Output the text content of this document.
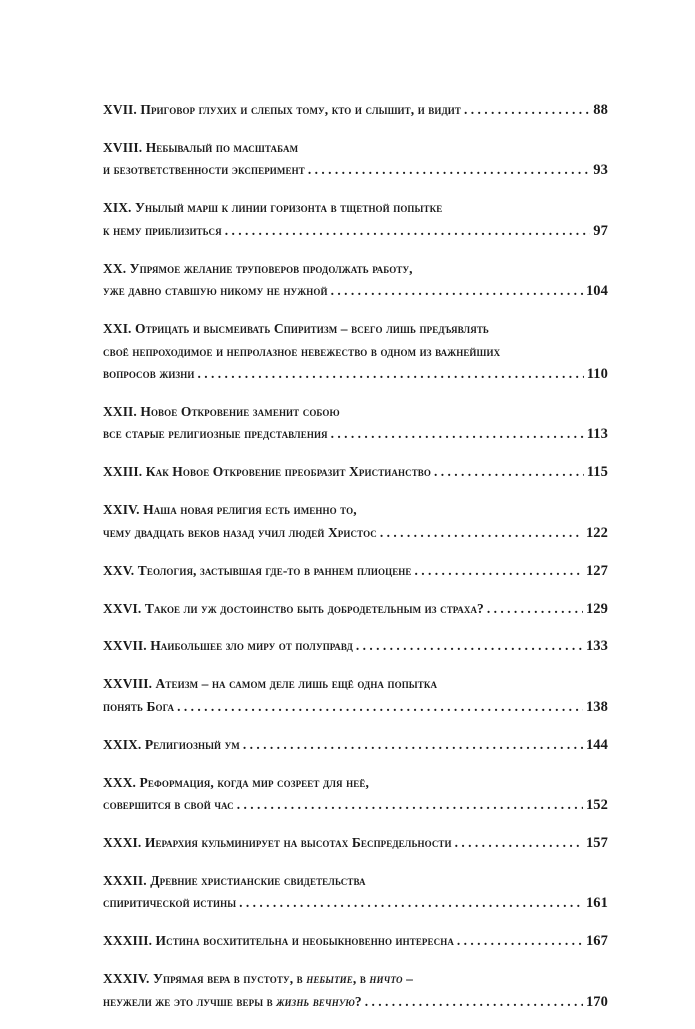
XVII. Приговор глухих и слепых тому, кто и слышит, и видит . . .	88
XVIII. Небывалый по масштабам
и безответственности эксперимент . . .	93
XIX. Унылый марш к линии горизонта в тщетной попытке
к нему приблизиться . . .	97
XX. Упрямое желание труповеров продолжать работу,
уже давно ставшую никому не нужной . . .	104
XXI. Отрицать и высмеивать Спиритизм – всего лишь предъявлять
своё непроходимое и непролазное невежество в одном из важнейших
вопросов жизни . . .	110
XXII. Новое Откровение заменит собою
все старые религиозные представления . . .	113
XXIII. Как Новое Откровение преобразит Христианство . . .	115
XXIV. Наша новая религия есть именно то,
чему двадцать веков назад учил людей Христос . . .	122
XXV. Теология, застывшая где-то в раннем плиоцене . . .	127
XXVI. Такое ли уж достоинство быть добродетельным из страха? . . .	129
XXVII. Наибольшее зло миру от полуправд . . .	133
XXVIII. Атеизм – на самом деле лишь ещё одна попытка
понять Бога . . .	138
XXIX. Религиозный ум . . .	144
XXX. Реформация, когда мир созреет для неё,
совершится в свой час . . .	152
XXXI. Иерархия кульминирует на высотах Беспредельности . . .	157
XXXII. Древние христианские свидетельства
спиритической истины . . .	161
XXXIII. Истина восхитительна и необыкновенно интересна . . .	167
XXXIV. Упрямая вера в пустоту, в небытие, в ничто –
неужели же это лучше веры в жизнь вечную? . . .	170
